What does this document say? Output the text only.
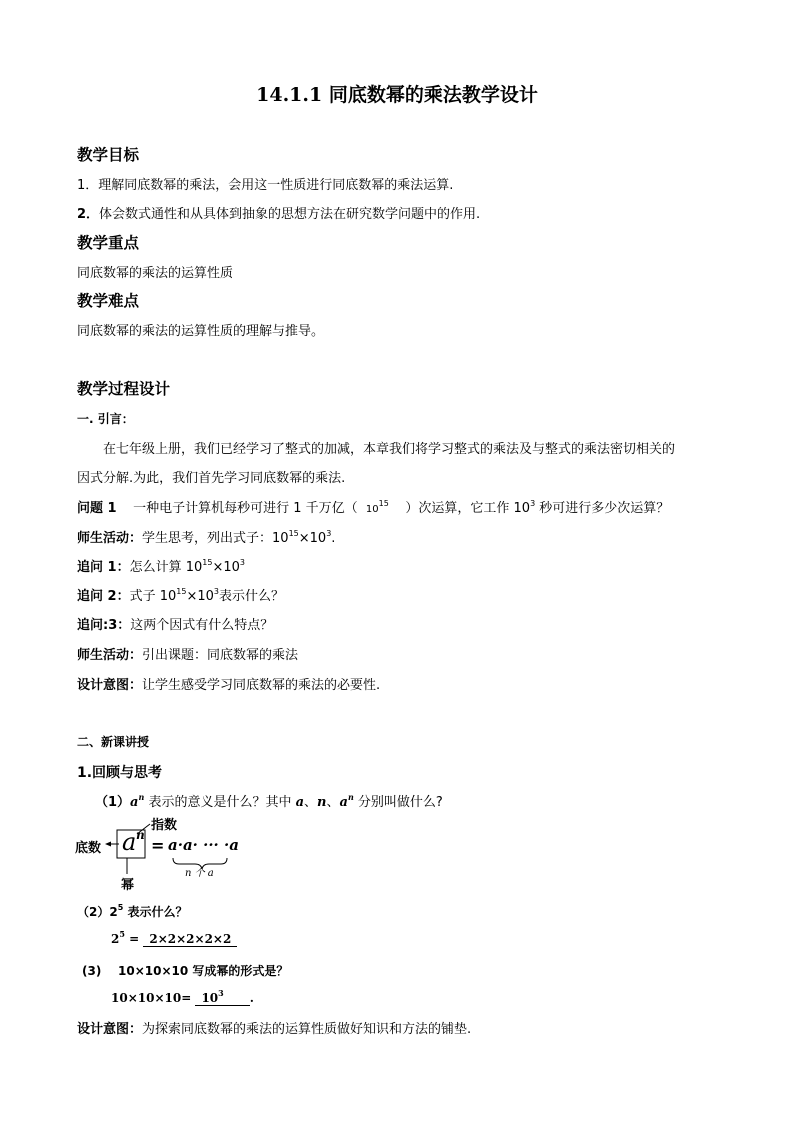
14.1.1 同底数幂的乘法教学设计
教学目标
1．理解同底数幂的乘法，会用这一性质进行同底数幂的乘法运算.
2．体会数式通性和从具体到抽象的思想方法在研究数学问题中的作用.
教学重点
同底数幂的乘法的运算性质
教学难点
同底数幂的乘法的运算性质的理解与推导。
教学过程设计
一. 引言：
在七年级上册，我们已经学习了整式的加减，本章我们将学习整式的乘法及与整式的乘法密切相关的
因式分解.为此，我们首先学习同底数幂的乘法.
问题 1 一种电子计算机每秒可进行 1 千万亿（ $10^{15}$ ）次运算，它工作 $10^3$ 秒可进行多少次运算？
师生活动：学生思考，列出式子：$10^{15}\times 10^3$.
追问 1：怎么计算 $10^{15}\times 10^3$
追问 2：式子 $10^{15}\times 10^3$表示什么？
追问:3：这两个因式有什么特点？
师生活动：引出课题：同底数幂的乘法
设计意图：让学生感受学习同底数幂的乘法的必要性.
二、新课讲授
1.回顾与思考
$(1)a^n$ 表示的意义是什么？其中 a、n、$a^n$ 分别叫做什么?
底数
指数
幂
a n
= a·a· ··· ·a
n 个 a
$(2)2^5$ 表示什么？
$2^5 = 2\times 2\times 2\times 2\times 2$
(3) 10×10×10 写成幂的形式是？
$10\times 10\times 10= 10^3$ .
设计意图：为探索同底数幂的乘法的运算性质做好知识和方法的铺垫.
